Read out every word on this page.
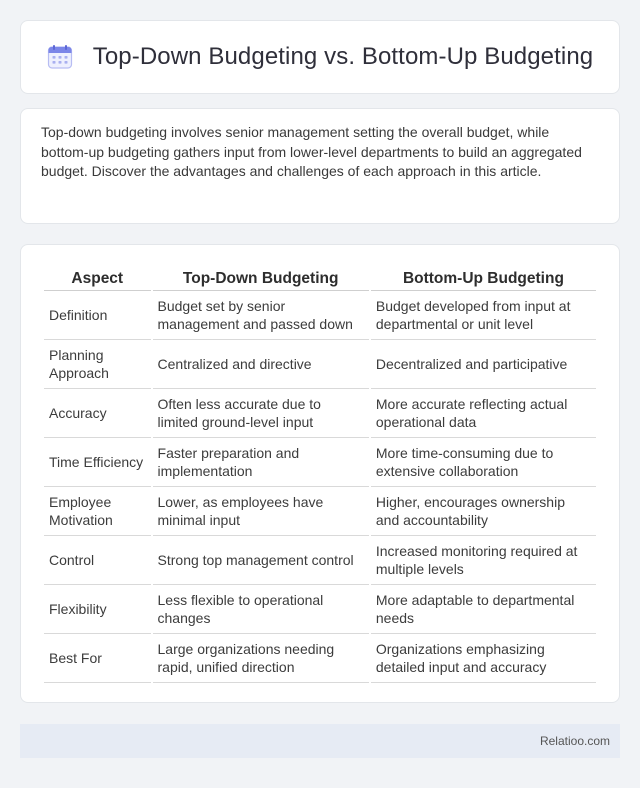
Top-Down Budgeting vs. Bottom-Up Budgeting

Top-down budgeting involves senior management setting the overall budget, while bottom-up budgeting gathers input from lower-level departments to build an aggregated budget. Discover the advantages and challenges of each approach in this article.

Aspect	Top-Down Budgeting	Bottom-Up Budgeting
Definition	Budget set by senior management and passed down	Budget developed from input at departmental or unit level
Planning Approach	Centralized and directive	Decentralized and participative
Accuracy	Often less accurate due to limited ground-level input	More accurate reflecting actual operational data
Time Efficiency	Faster preparation and implementation	More time-consuming due to extensive collaboration
Employee Motivation	Lower, as employees have minimal input	Higher, encourages ownership and accountability
Control	Strong top management control	Increased monitoring required at multiple levels
Flexibility	Less flexible to operational changes	More adaptable to departmental needs
Best For	Large organizations needing rapid, unified direction	Organizations emphasizing detailed input and accuracy
Relatioo.com
